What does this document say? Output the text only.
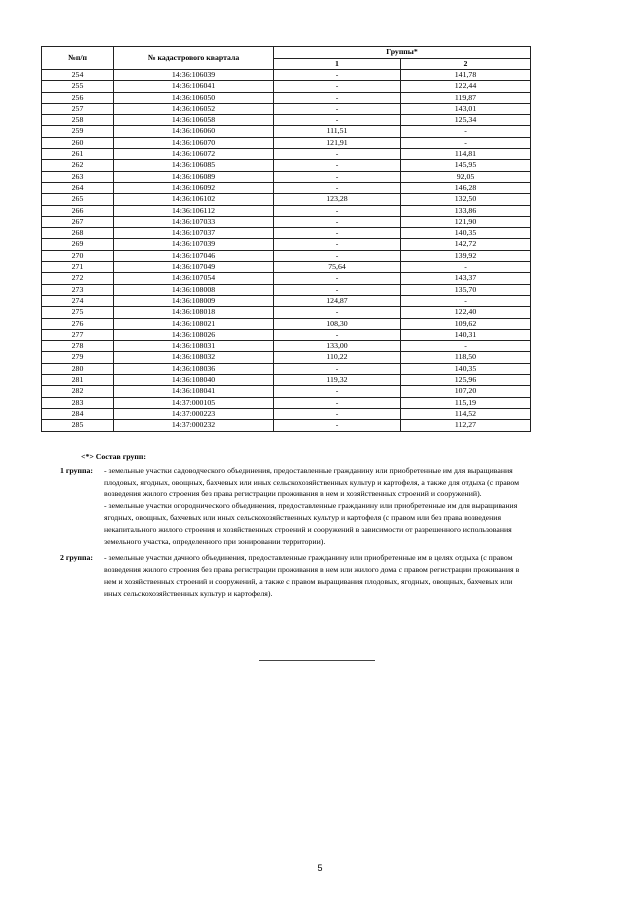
№п/п	№ кадастрового квартала	Группы*	
		1	2
254	14:36:106039	-	141,78
255	14:36:106041	-	122,44
256	14:36:106050	-	119,87
257	14:36:106052	-	143,01
258	14:36:106058	-	125,34
259	14:36:106060	111,51	-
260	14:36:106070	121,91	-
261	14:36:106072	-	114,81
262	14:36:106085	-	145,95
263	14:36:106089	-	92,05
264	14:36:106092	-	146,28
265	14:36:106102	123,28	132,50
266	14:36:106112	-	133,86
267	14:36:107033	-	121,90
268	14:36:107037	-	140,35
269	14:36:107039	-	142,72
270	14:36:107046	-	139,92
271	14:36:107049	75,64	-
272	14:36:107054	-	143,37
273	14:36:108008	-	135,70
274	14:36:108009	124,87	-
275	14:36:108018	-	122,40
276	14:36:108021	108,30	109,62
277	14:36:108026	-	140,31
278	14:36:108031	133,00	-
279	14:36:108032	110,22	118,50
280	14:36:108036	-	140,35
281	14:36:108040	119,32	125,96
282	14:36:108041	-	107,20
283	14:37:000105	-	115,19
284	14:37:000223	-	114,52
285	14:37:000232	-	112,27
<*> Состав групп:
1 группа:	- земельные участки садоводческого объединения, предоставленные гражданину или приобретенные им для выращивания плодовых, ягодных, овощных, бахчевых или иных сельскохозяйственных культур и картофеля, а также для отдыха (с правом возведения жилого строения без права регистрации проживания в нем и хозяйственных строений и сооружений).

- земельные участки огороднического объединения, предоставленные гражданину или приобретенные им для выращивания ягодных, овощных, бахчевых или иных сельскохозяйственных культур и картофеля (с правом или без права возведения некапитального жилого строения и хозяйственных строений и сооружений в зависимости от разрешенного использования земельного участка, определенного при зонировании территории).

2 группа:	- земельные участки дачного объединения, предоставленные гражданину или приобретенные им в целях отдыха (с правом возведения жилого строения без права регистрации проживания в нем или жилого дома с правом регистрации проживания в нем и хозяйственных строений и сооружений, а также с правом выращивания плодовых, ягодных, овощных, бахчевых или иных сельскохозяйственных культур и картофеля).

5
